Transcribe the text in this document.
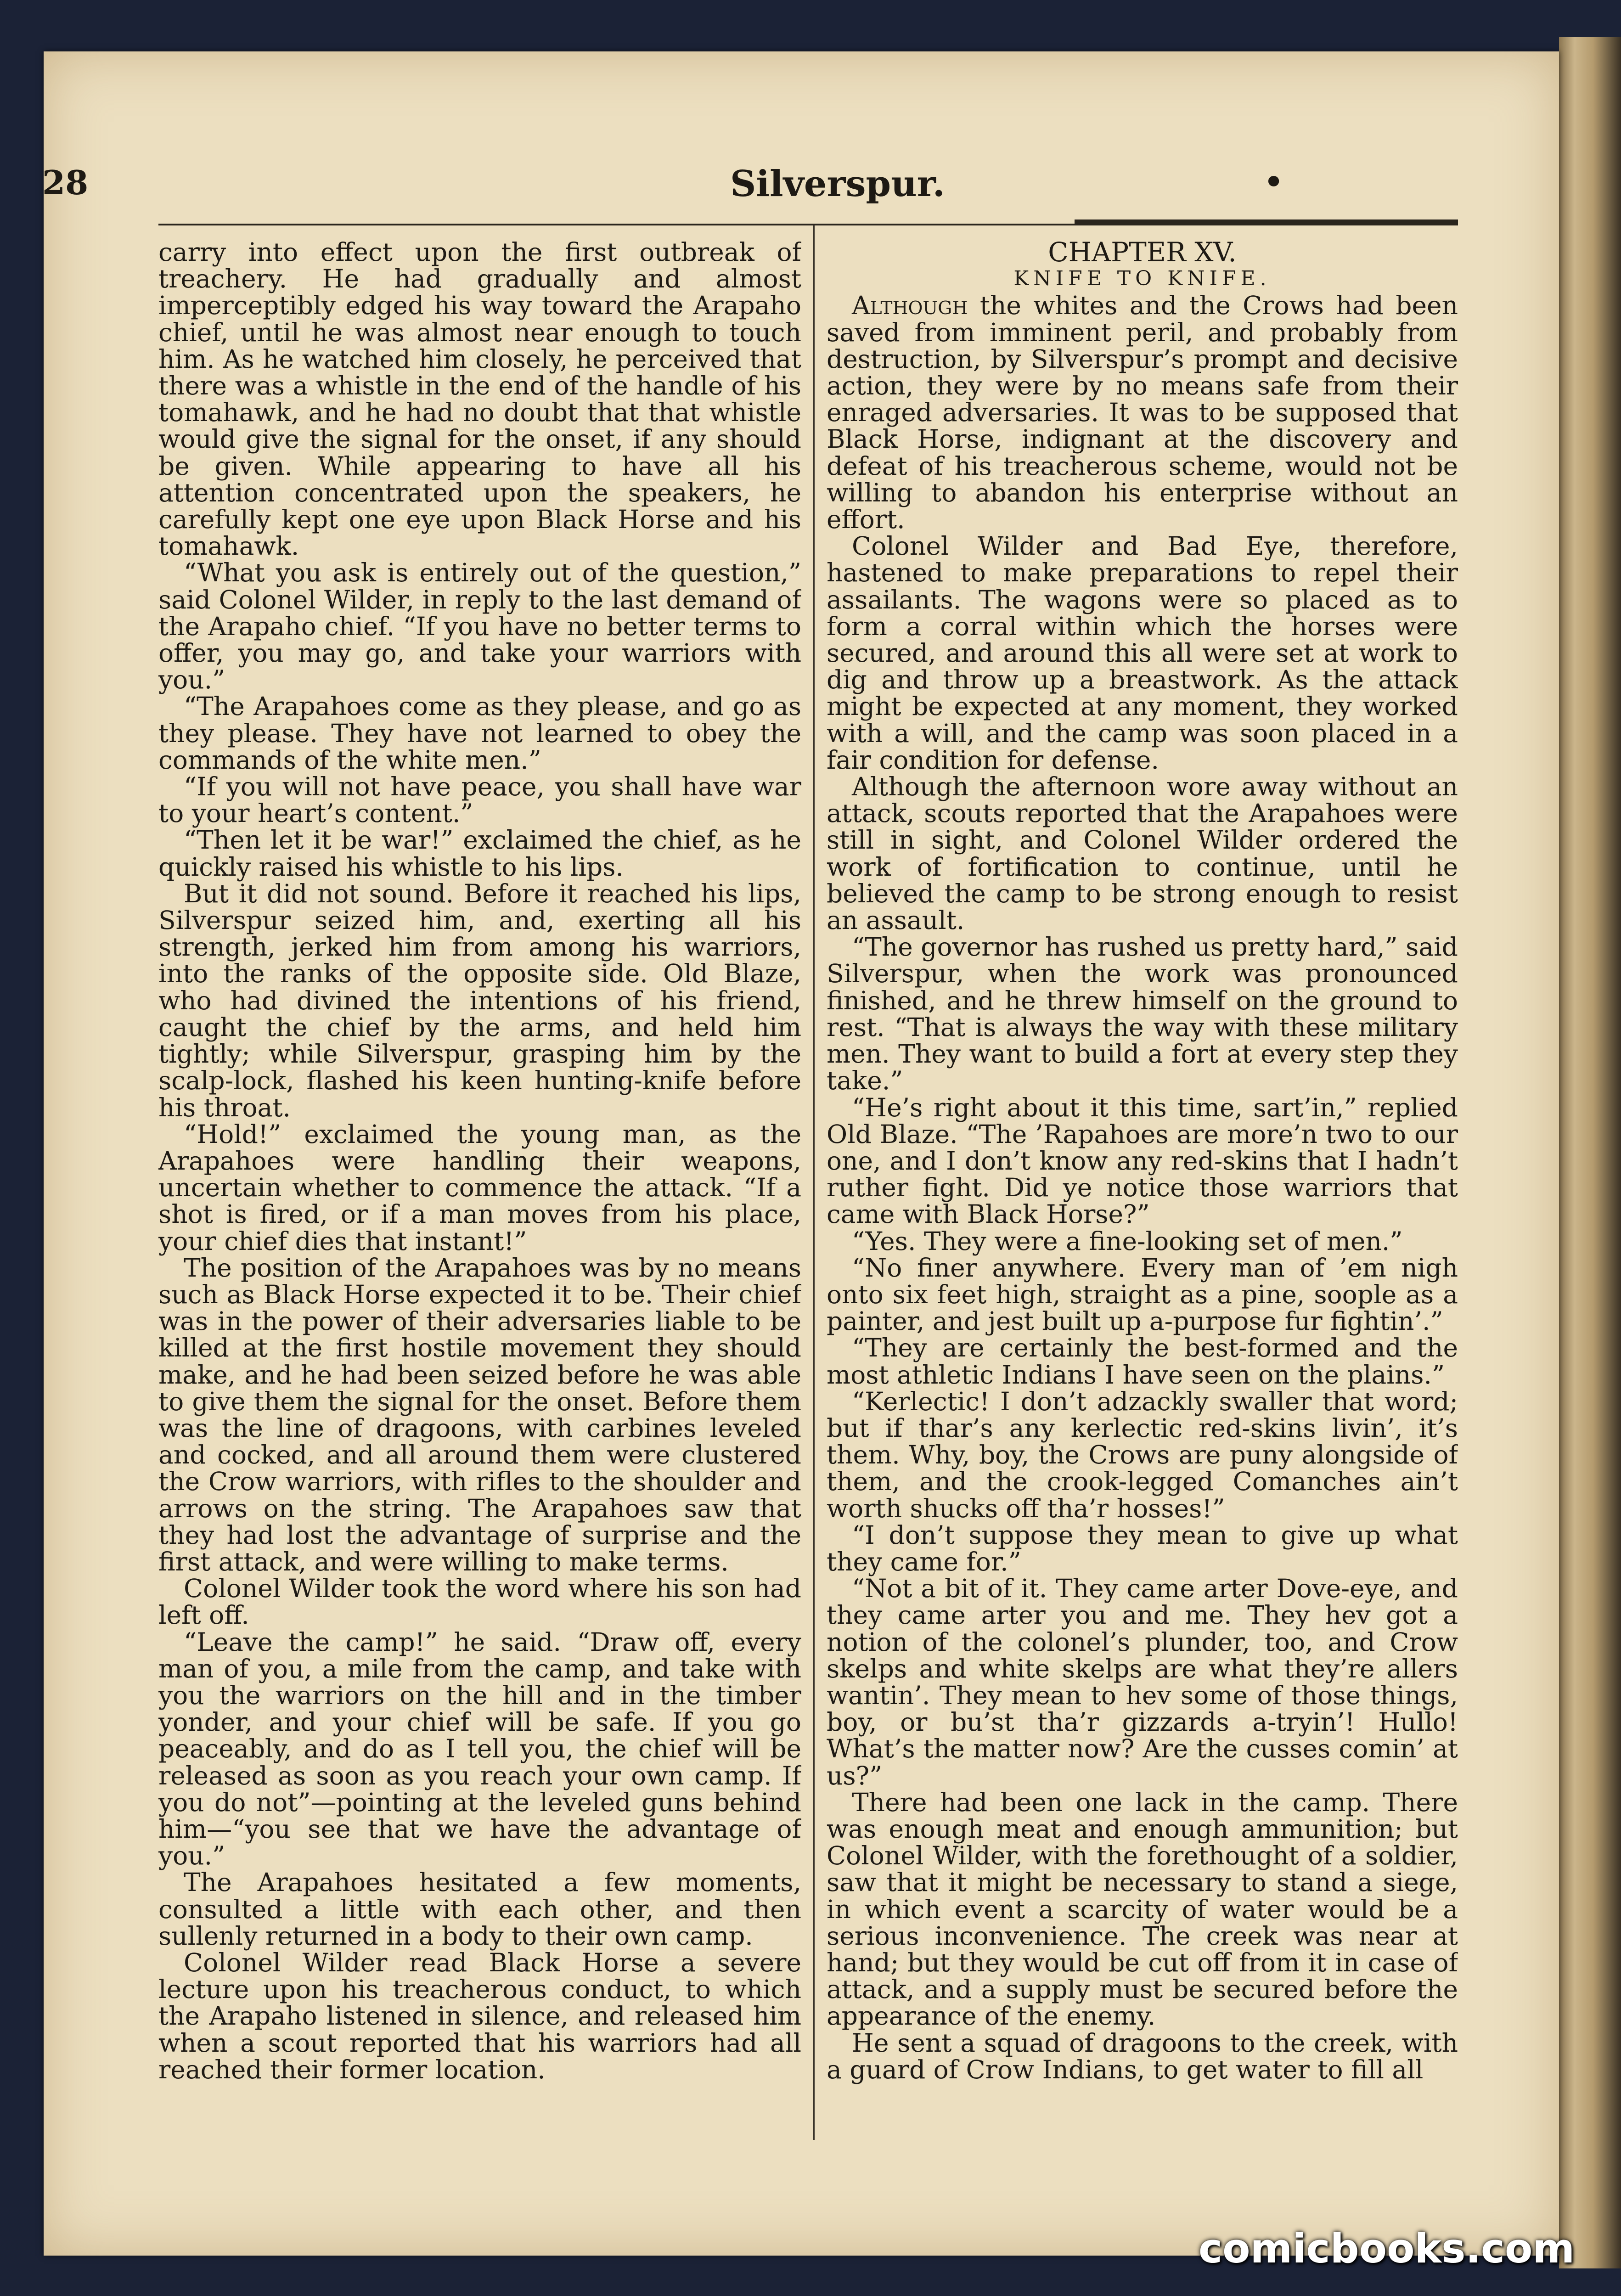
28	Silverspur.	•

carry into effect upon the first outbreak of treachery. He had gradually and almost imperceptibly edged his way toward the Arapaho chief, until he was almost near enough to touch him. As he watched him closely, he perceived that there was a whistle in the end of the handle of his tomahawk, and he had no doubt that that whistle would give the signal for the onset, if any should be given. While appearing to have all his attention concentrated upon the speakers, he carefully kept one eye upon Black Horse and his tomahawk.

“What you ask is entirely out of the question,” said Colonel Wilder, in reply to the last demand of the Arapaho chief. “If you have no better terms to offer, you may go, and take your warriors with you.”

“The Arapahoes come as they please, and go as they please. They have not learned to obey the commands of the white men.”

“If you will not have peace, you shall have war to your heart’s content.”

“Then let it be war!” exclaimed the chief, as he quickly raised his whistle to his lips.

But it did not sound. Before it reached his lips, Silverspur seized him, and, exerting all his strength, jerked him from among his warriors, into the ranks of the opposite side. Old Blaze, who had divined the intentions of his friend, caught the chief by the arms, and held him tightly; while Silverspur, grasping him by the scalp-lock, flashed his keen hunting-knife before his throat.

“Hold!” exclaimed the young man, as the Arapahoes were handling their weapons, uncertain whether to commence the attack. “If a shot is fired, or if a man moves from his place, your chief dies that instant!”

The position of the Arapahoes was by no means such as Black Horse expected it to be. Their chief was in the power of their adversaries liable to be killed at the first hostile movement they should make, and he had been seized before he was able to give them the signal for the onset. Before them was the line of dragoons, with carbines leveled and cocked, and all around them were clustered the Crow warriors, with rifles to the shoulder and arrows on the string. The Arapahoes saw that they had lost the advantage of surprise and the first attack, and were willing to make terms.

Colonel Wilder took the word where his son had left off.

“Leave the camp!” he said. “Draw off, every man of you, a mile from the camp, and take with you the warriors on the hill and in the timber yonder, and your chief will be safe. If you go peaceably, and do as I tell you, the chief will be released as soon as you reach your own camp. If you do not”—pointing at the leveled guns behind him—“you see that we have the advantage of you.”

The Arapahoes hesitated a few moments, consulted a little with each other, and then sullenly returned in a body to their own camp.

Colonel Wilder read Black Horse a severe lecture upon his treacherous conduct, to which the Arapaho listened in silence, and released him when a scout reported that his warriors had all reached their former location.

CHAPTER XV.

KNIFE TO KNIFE.

Although the whites and the Crows had been saved from imminent peril, and probably from destruction, by Silverspur’s prompt and decisive action, they were by no means safe from their enraged adversaries. It was to be supposed that Black Horse, indignant at the discovery and defeat of his treacherous scheme, would not be willing to abandon his enterprise without an effort.

Colonel Wilder and Bad Eye, therefore, hastened to make preparations to repel their assailants. The wagons were so placed as to form a corral within which the horses were secured, and around this all were set at work to dig and throw up a breastwork. As the attack might be expected at any moment, they worked with a will, and the camp was soon placed in a fair condition for defense.

Although the afternoon wore away without an attack, scouts reported that the Arapahoes were still in sight, and Colonel Wilder ordered the work of fortification to continue, until he believed the camp to be strong enough to resist an assault.

“The governor has rushed us pretty hard,” said Silverspur, when the work was pronounced finished, and he threw himself on the ground to rest. “That is always the way with these military men. They want to build a fort at every step they take.”

“He’s right about it this time, sart’in,” replied Old Blaze. “The ’Rapahoes are more’n two to our one, and I don’t know any red-skins that I hadn’t ruther fight. Did ye notice those warriors that came with Black Horse?”

“Yes. They were a fine-looking set of men.”

“No finer anywhere. Every man of ’em nigh onto six feet high, straight as a pine, soople as a painter, and jest built up a-purpose fur fightin’.”

“They are certainly the best-formed and the most athletic Indians I have seen on the plains.”

“Kerlectic! I don’t adzackly swaller that word; but if thar’s any kerlectic red-skins livin’, it’s them. Why, boy, the Crows are puny alongside of them, and the crook-legged Comanches ain’t worth shucks off tha’r hosses!”

“I don’t suppose they mean to give up what they came for.”

“Not a bit of it. They came arter Dove-eye, and they came arter you and me. They hev got a notion of the colonel’s plunder, too, and Crow skelps and white skelps are what they’re allers wantin’. They mean to hev some of those things, boy, or bu’st tha’r gizzards a-tryin’! Hullo! What’s the matter now? Are the cusses comin’ at us?”

There had been one lack in the camp. There was enough meat and enough ammunition; but Colonel Wilder, with the forethought of a soldier, saw that it might be necessary to stand a siege, in which event a scarcity of water would be a serious inconvenience. The creek was near at hand; but they would be cut off from it in case of attack, and a supply must be secured before the appearance of the enemy.

He sent a squad of dragoons to the creek, with a guard of Crow Indians, to get water to fill all

comicbooks.com
